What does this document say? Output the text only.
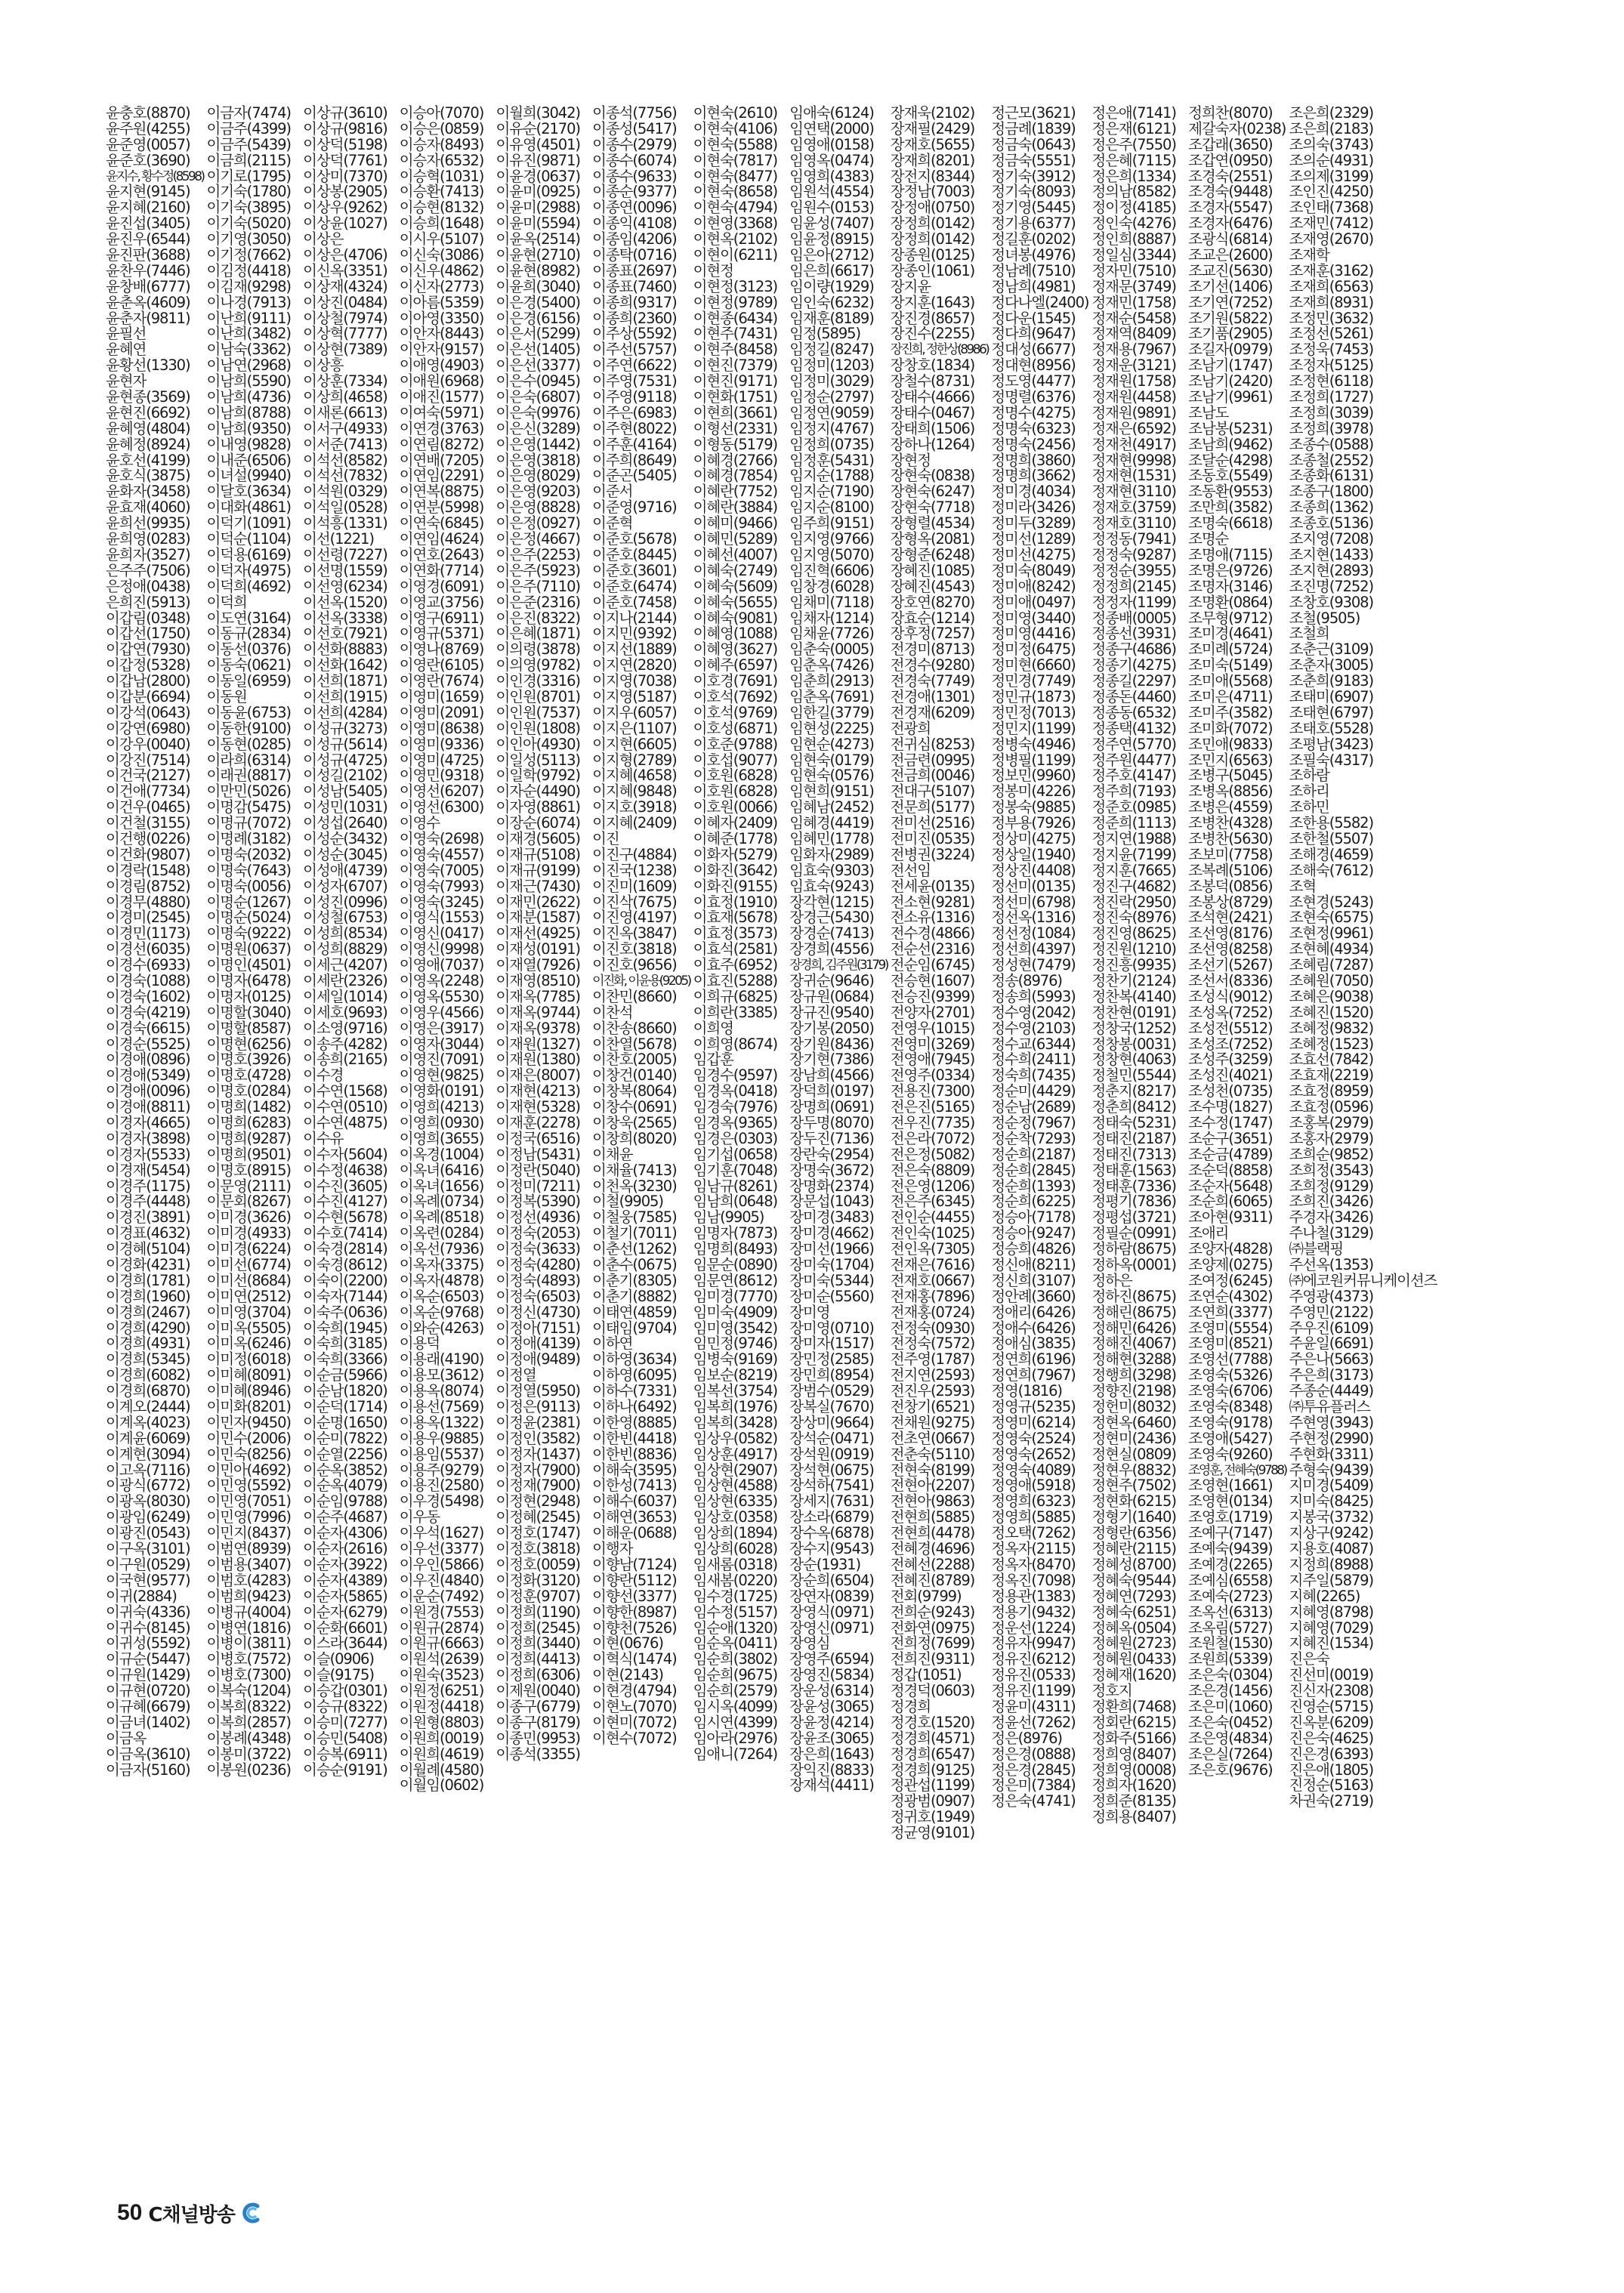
윤충호(8870)
윤주원(4255)
윤준영(0057)
윤준호(3690)
윤지수, 황수정(8598)
윤지현(9145)
윤지혜(2160)
윤진섭(3405)
윤진우(6544)
윤진판(3688)
윤찬우(7446)
윤창배(6777)
윤춘옥(4609)
윤춘자(9811)
윤필선
윤혜연
윤황선(1330)
윤현자
윤현종(3569)
윤현진(6692)
윤혜영(4804)
윤혜정(8924)
윤호선(4199)
윤호식(3875)
윤화자(3458)
윤효재(4060)
윤희선(9935)
윤희영(0283)
윤희자(3527)
은주주(7506)
은정애(0438)
은희진(5913)
이갑림(0348)
이갑선(1750)
이갑연(7930)
이갑정(5328)
이갑남(2800)
이갑분(6694)
이강석(0643)
이강연(6980)
이강우(0040)
이강진(7514)
이건국(2127)
이건애(7734)
이건우(0465)
이건철(3155)
이건행(0226)
이건화(9807)
이경락(1548)
이경림(8752)
이경무(4880)
이경미(2545)
이경민(1173)
이경선(6035)
이경수(6933)
이경숙(1088)
이경숙(1602)
이경숙(4219)
이경숙(6615)
이경순(5525)
이경애(0896)
이경애(5349)
이경애(0096)
이경애(8811)
이경자(4665)
이경자(3898)
이경자(5533)
이경재(5454)
이경주(1175)
이경주(4448)
이경진(3891)
이경표(4632)
이경혜(5104)
이경화(4231)
이경희(1781)
이경희(1960)
이경희(2467)
이경희(4290)
이경희(4931)
이경희(5345)
이경희(6082)
이경희(6870)
이계오(2444)
이계옥(4023)
이계윤(6069)
이계현(3094)
이고옥(7116)
이광식(6772)
이광옥(8030)
이광임(6249)
이광진(0543)
이구옥(3101)
이구원(0529)
이국현(9577)
이귀(2884)
이귀숙(4336)
이귀수(8145)
이귀성(5592)
이규순(5447)
이규원(1429)
이규현(0720)
이규혜(6679)
이금녀(1402)
이금옥
이금옥(3610)
이금자(5160)
이금자(7474)
이금주(4399)
이금주(5439)
이금희(2115)
이기로(1795)
이기숙(1780)
이기숙(3895)
이기숙(5020)
이기영(3050)
이기정(7662)
이김정(4418)
이김재(9298)
이나경(7913)
이난희(9111)
이난희(3482)
이남숙(3362)
이남연(2968)
이남희(5590)
이남희(4736)
이남희(8788)
이남희(9350)
이내영(9828)
이내준(6506)
이녀설(9940)
이달호(3634)
이대화(4861)
이덕기(1091)
이덕순(1104)
이덕용(6169)
이덕자(4975)
이덕희(4692)
이덕희
이도연(3164)
이동규(2834)
이동선(0376)
이동숙(0621)
이동일(6959)
이동원
이동윤(6753)
이동한(9100)
이동현(0285)
이라희(6314)
이래권(8817)
이만민(5026)
이명감(5475)
이명규(7072)
이명례(3182)
이명숙(2032)
이명숙(7643)
이명숙(0056)
이명순(1267)
이명순(5024)
이명숙(9222)
이명원(0637)
이명인(4501)
이명자(6478)
이명자(0125)
이명할(3040)
이명할(8587)
이명현(6256)
이명호(3926)
이명호(4728)
이명호(0284)
이명희(1482)
이명희(6283)
이명희(9287)
이명희(9501)
이명호(8915)
이문영(2111)
이문회(8267)
이미경(3626)
이미경(4933)
이미경(6224)
이미선(6774)
이미선(8684)
이미연(2512)
이미영(3704)
이미옥(5505)
이미옥(6246)
이미정(6018)
이미혜(8091)
이미혜(8946)
이미화(8201)
이민자(9450)
이민수(2006)
이민숙(8256)
이민아(4692)
이민영(5592)
이민영(7051)
이민영(7996)
이민지(8437)
이범연(8939)
이범용(3407)
이범호(4283)
이범희(9423)
이병규(4004)
이병연(1816)
이병이(3811)
이병호(7572)
이병호(7300)
이복숙(1204)
이복희(8322)
이복희(2857)
이봉례(4348)
이봉미(3722)
이봉원(0236)
이상규(3610)
이상규(9816)
이상덕(5198)
이상덕(7761)
이상미(7370)
이상봉(2905)
이상우(9262)
이상윤(1027)
이상은
이상은(4706)
이신옥(3351)
이상재(4324)
이상진(0484)
이상철(7974)
이상혁(7777)
이상현(7389)
이상흥
이상훈(7334)
이상희(4658)
이새론(6613)
이서구(4933)
이서준(7413)
이석선(8582)
이석선(7832)
이석원(0329)
이석일(0528)
이석흥(1331)
이선(1221)
이선령(7227)
이선명(1559)
이선영(6234)
이선옥(1520)
이선옥(3338)
이선호(7921)
이선화(8883)
이선화(1642)
이선희(1871)
이선희(1915)
이선희(4284)
이성규(3273)
이성규(5614)
이성규(4725)
이성길(2102)
이성남(5405)
이성민(1031)
이성섭(2640)
이성순(3432)
이성순(3045)
이성애(4739)
이성자(6707)
이성진(0996)
이성철(6753)
이성희(8534)
이성희(8829)
이세근(4207)
이세란(2326)
이세일(1014)
이세호(9693)
이소영(9716)
이송주(4282)
이송희(2165)
이수경
이수연(1568)
이수연(0510)
이수연(4875)
이수유
이수자(5604)
이수정(4638)
이수진(3605)
이수진(4127)
이수현(5678)
이수호(7414)
이숙경(2814)
이숙경(8612)
이숙이(2200)
이숙자(7144)
이숙주(0636)
이숙희(1945)
이숙희(3185)
이숙희(3366)
이순금(5966)
이순남(1820)
이순덕(1714)
이순명(1650)
이순미(7822)
이순열(2256)
이순옥(3852)
이순옥(4079)
이순임(9788)
이순주(4687)
이순자(4306)
이순자(2616)
이순자(3922)
이순자(4389)
이순자(5865)
이순자(6279)
이순화(6601)
이스라(3644)
이슬(0906)
이슬(9175)
이승갑(0301)
이승규(8322)
이승미(7277)
이승민(5408)
이승복(6911)
이승순(9191)
이승아(7070)
이승은(0859)
이승자(8493)
이승자(6532)
이승혁(1031)
이승환(7413)
이승현(8132)
이승희(1648)
이시우(5107)
이신숙(3086)
이신우(4862)
이신자(2773)
이아름(5359)
이아영(3350)
이안자(8443)
이안자(9157)
이애영(4903)
이애원(6968)
이애진(1577)
이여숙(5971)
이연경(3763)
이연림(8272)
이연배(7205)
이연임(2291)
이연복(8875)
이연분(5998)
이연숙(6845)
이연임(4624)
이연호(2643)
이연화(7714)
이영경(6091)
이영교(3756)
이영구(6911)
이영규(5371)
이영나(8769)
이영란(6105)
이영란(7674)
이영미(1659)
이영미(2091)
이영미(8638)
이영미(9336)
이영미(4725)
이영민(9318)
이영선(6207)
이영선(6300)
이영수
이영숙(2698)
이영숙(4557)
이영숙(7005)
이영숙(7993)
이영숙(3245)
이영식(1553)
이영신(0417)
이영신(9998)
이영애(7037)
이영옥(2248)
이영옥(5530)
이영우(4566)
이영은(3917)
이영자(3044)
이영진(7091)
이영현(9825)
이영화(0191)
이영희(4213)
이영희(0930)
이영희(3655)
이옥경(1004)
이옥녀(6416)
이옥녀(1656)
이옥례(0734)
이옥례(8518)
이옥련(0284)
이옥선(7936)
이옥자(3375)
이옥자(4878)
이옥순(6503)
이옥순(9768)
이와순(4263)
이용덕
이용래(4190)
이용모(3612)
이용옥(8074)
이용선(7569)
이용옥(1322)
이용우(9885)
이용임(5537)
이용주(9279)
이용진(2580)
이우경(5498)
이우동
이우석(1627)
이우선(3377)
이우인(5866)
이우진(4840)
이운순(7492)
이원경(7553)
이원규(2874)
이원규(6663)
이원석(2639)
이원숙(3523)
이원정(6251)
이원정(4418)
이원형(8803)
이원희(0019)
이원희(4619)
이월례(4580)
이월임(0602)
이월희(3042)
이유순(2170)
이유영(4501)
이유진(9871)
이윤경(0637)
이윤미(0925)
이윤미(2988)
이윤미(5594)
이윤옥(2514)
이윤현(2710)
이윤현(8982)
이윤희(3040)
이은경(5400)
이은경(6156)
이은서(5299)
이은선(1405)
이은선(3377)
이은수(0945)
이은숙(6807)
이은숙(9976)
이은신(3289)
이은영(1442)
이은영(3818)
이은영(8029)
이은영(9203)
이은영(8828)
이은정(0927)
이은정(4667)
이은주(2253)
이은주(5923)
이은주(7110)
이은준(2316)
이은진(8322)
이은혜(1871)
이의령(3878)
이의영(9782)
이인경(3316)
이인원(8701)
이인원(7537)
이인원(1808)
이인아(4930)
이일성(5113)
이일학(9792)
이자순(4490)
이자영(8861)
이장순(6074)
이재경(5605)
이재규(5108)
이재규(9199)
이재근(7430)
이재민(2622)
이재분(1587)
이재선(4925)
이재성(0191)
이재열(7926)
이재영(8510)
이재옥(7785)
이재옥(9744)
이재옥(9378)
이재원(1327)
이재원(1380)
이재은(8007)
이재현(4213)
이재현(5328)
이재훈(2278)
이정국(6516)
이정남(5431)
이정란(5040)
이정미(7211)
이정복(5390)
이정선(4936)
이정숙(2053)
이정숙(3633)
이정숙(4280)
이정숙(4893)
이정숙(6503)
이정신(4730)
이정아(7151)
이정애(4139)
이정애(9489)
이정열
이정열(5950)
이정은(9113)
이정윤(2381)
이정인(3582)
이정자(1437)
이정자(7900)
이정재(7900)
이정현(2948)
이정혜(2545)
이정호(1747)
이정호(3818)
이정호(0059)
이정화(3120)
이정훈(9707)
이정희(1190)
이정희(2545)
이정희(3440)
이정희(4413)
이정희(6306)
이제원(0040)
이종구(6779)
이종구(8179)
이종민(9953)
이종석(3355)
이종석(7756)
이종성(5417)
이종수(2979)
이종수(6074)
이종수(9633)
이종순(9377)
이종연(0096)
이종익(4108)
이종임(4206)
이종탁(0716)
이종표(2697)
이종표(7460)
이종희(9317)
이종희(2360)
이주상(5592)
이주선(5757)
이주연(6622)
이주영(7531)
이주영(9118)
이주은(6983)
이주현(8022)
이주훈(4164)
이주희(8649)
이준곤(5405)
이준서
이준영(9716)
이준혁
이준호(5678)
이준호(8445)
이준호(3601)
이준호(6474)
이준호(7458)
이지나(2144)
이지민(9392)
이지선(1889)
이지연(2820)
이지영(7038)
이지영(5187)
이지우(6057)
이지은(1107)
이지현(6605)
이지형(2789)
이지혜(4658)
이지혜(9848)
이지호(3918)
이지혜(2409)
이진
이진구(4884)
이진국(1238)
이진미(1609)
이진삭(7675)
이진영(4197)
이진옥(3847)
이진호(3818)
이진호(9656)
이진화, 이윤용(9205)
이찬민(8660)
이찬석
이찬송(8660)
이찬열(5678)
이찬호(2005)
이창건(0140)
이창복(8064)
이창수(0691)
이창욱(2565)
이창희(8020)
이채윤
이채율(7413)
이천옥(3230)
이철(9905)
이철웅(7585)
이철기(7011)
이춘선(1262)
이춘수(0675)
이춘기(8305)
이춘기(8882)
이태연(4859)
이태임(9704)
이하연
이하영(3634)
이하영(6095)
이하수(7331)
이하나(6492)
이한영(8885)
이한빈(4418)
이한빈(8836)
이해숙(3595)
이한성(7413)
이해수(6037)
이해연(3653)
이해운(0688)
이행자
이향남(7124)
이향란(5112)
이향선(3377)
이향한(8987)
이향천(7526)
이현(0676)
이혁식(1474)
이현(2143)
이현경(4794)
이현노(7070)
이현미(7072)
이현수(7072)
이현숙(2610)
이현숙(4106)
이현숙(5588)
이현숙(7817)
이현숙(8477)
이현숙(8658)
이현숙(4794)
이현영(3368)
이현옥(2102)
이현이(6211)
이현정
이현정(3123)
이현정(9789)
이현종(6434)
이현주(7431)
이현주(8458)
이현진(7379)
이현진(9171)
이현화(1751)
이현희(3661)
이형선(2331)
이형동(5179)
이혜경(2766)
이혜경(7854)
이혜란(7752)
이혜란(3884)
이혜미(9466)
이혜민(5289)
이혜선(4007)
이혜숙(2749)
이혜숙(5609)
이혜숙(5655)
이혜숙(9081)
이혜영(1088)
이혜영(3627)
이혜주(6597)
이호경(7691)
이호석(7692)
이호석(9769)
이호성(6871)
이호준(9788)
이호섭(9077)
이호원(6828)
이호원(6828)
이호원(0066)
이혜자(2409)
이혜준(1778)
이화자(5279)
이화진(3642)
이화진(9155)
이효정(1910)
이효재(5678)
이효정(3573)
이효석(2581)
이효주(6952)
이효진(5288)
이희규(6825)
이희란(3385)
이희영
이희영(8674)
임갑훈
임경수(9597)
임경옥(0418)
임경숙(7976)
임경옥(9365)
임경은(0303)
임기섭(0658)
임기훈(7048)
임남규(8261)
임남희(0648)
임남(9905)
임명자(7873)
임명희(8493)
임문순(0890)
임문연(8612)
임미경(7770)
임미숙(4909)
임미영(3542)
임민정(9746)
임병숙(9169)
임보순(8219)
임복선(3754)
임복희(1976)
임복희(3428)
임상우(0582)
임상훈(4917)
임상현(2907)
임상현(4588)
임상현(6335)
임상호(0358)
임상희(1894)
임상희(6028)
임새롬(0318)
임새봄(0220)
임수경(1725)
임수정(5157)
임순애(1320)
임순옥(0411)
임순희(3802)
임순희(9675)
임순희(2579)
임시옥(4099)
임시연(4399)
임아라(2976)
임애니(7264)
임애숙(6124)
임연택(2000)
임영애(0158)
임영옥(0474)
임영희(4383)
임원석(4554)
임원수(0153)
임윤성(7407)
임윤정(8915)
임은아(2712)
임은희(6617)
임이량(1929)
임인숙(6232)
임재훈(8189)
임정(5895)
임정길(8247)
임정미(1203)
임정미(3029)
임정순(2797)
임정연(9059)
임정지(4767)
임정희(0735)
임정훈(5431)
임지순(1788)
임지순(7190)
임지순(8100)
임주희(9151)
임지영(9766)
임지영(5070)
임진혁(6606)
임창경(6028)
임채미(7118)
임채자(1214)
임채윤(7726)
임춘숙(0005)
임춘옥(7426)
임춘희(2913)
임춘옥(7691)
임한길(3779)
임현성(2225)
임현순(4273)
임현숙(0179)
임현숙(0576)
임현희(9151)
임혜남(2452)
임혜경(4419)
임혜민(1778)
임화자(2989)
임효숙(9303)
임효숙(9243)
장각현(1215)
장경근(5430)
장경순(7413)
장경희(4556)
장경희, 김주원(3179)
장귀순(9646)
장규원(0684)
장규진(9540)
장기봉(2050)
장기원(8436)
장기현(7386)
장남희(4566)
장덕희(0197)
장명희(0691)
장두명(8070)
장두진(7136)
장란숙(2954)
장명숙(3672)
장명화(2374)
장문섭(1043)
장미경(3483)
장미경(4662)
장미선(1966)
장미숙(1704)
장미숙(5344)
장미순(5560)
장미영
장미영(0710)
장미자(1517)
장민정(2585)
장민희(8954)
장범수(0529)
장복실(7670)
장상미(9664)
장석순(0471)
장석원(0919)
장석현(0675)
장석하(7541)
장세지(7631)
장소라(6879)
장수옥(6878)
장수지(9543)
장순(1931)
장순희(6504)
장연자(0839)
장영식(0971)
장영신(0971)
장영심
장영주(6594)
장영진(5834)
장운성(6314)
장윤성(3065)
장윤정(4214)
장윤조(3065)
장은희(1643)
장익진(8833)
장재석(4411)
장재욱(2102)
장재필(2429)
장재호(5655)
장재희(8201)
장전지(8344)
장정남(7003)
장정애(0750)
장정희(0142)
장정희(0142)
장종원(0125)
장종인(1061)
장지윤
장지훈(1643)
장진경(8657)
장진수(2255)
장진희, 정한상(8986)
장창호(1834)
장철수(8731)
장태수(4666)
장태수(0467)
장태희(1506)
장하나(1264)
장현정
장현숙(0838)
장현숙(6247)
장현숙(7718)
장형렬(4534)
장형옥(2081)
장형준(6248)
장혜진(1085)
장혜진(4543)
장호연(8270)
장효순(1214)
장후정(7257)
전경미(8713)
전경수(9280)
전경숙(7749)
전경애(1301)
전경재(6209)
전광희
전귀심(8253)
전금련(0995)
전금희(0046)
전대구(5107)
전문희(5177)
전미선(2516)
전미진(0535)
전병권(3224)
전선임
전세윤(0135)
전소현(9281)
전소유(1316)
전수경(4866)
전순선(2316)
전순임(6745)
전승현(1607)
전승진(9399)
전양자(2701)
전영우(1015)
전영미(3269)
전영애(7945)
전영주(0334)
전용진(7300)
전은진(5165)
전우진(7735)
전은라(7072)
전은정(5082)
전은숙(8809)
전은영(1206)
전은주(6345)
전인순(4455)
전인숙(1025)
전인옥(7305)
전재은(7616)
전재호(0667)
전재홍(7896)
전재홍(0724)
전정숙(0930)
전정숙(7572)
전주영(1787)
전지연(2593)
전진우(2593)
전창기(6521)
전채원(9275)
전초연(0667)
전춘숙(5110)
전현숙(8199)
전현아(2207)
전현아(9863)
전현희(5885)
전현희(4478)
전혜경(4696)
전혜선(2288)
전혜진(8789)
전회(9799)
전희순(9243)
전화연(0975)
전희정(7699)
전희진(9311)
정갑(1051)
정경덕(0603)
정경희
정경호(1520)
정경희(4571)
정경희(6547)
정경희(9125)
정관섭(1199)
정광범(0907)
정귀호(1949)
정균영(9101)
정근모(3621)
정금례(1839)
정금숙(0643)
정금숙(5551)
정기숙(3912)
정기숙(8093)
정기영(5445)
정기용(6377)
정길훈(0202)
정녀봉(4976)
정남례(7510)
정남희(4981)
정다나엘(2400)
정다운(1545)
정다희(9647)
정대성(6677)
정대현(8956)
정도영(4477)
정명렬(6376)
정명수(4275)
정명숙(6323)
정명숙(2456)
정명희(3860)
정명희(3662)
정미경(4034)
정미라(3426)
정미두(3289)
정미선(1289)
정미선(4275)
정미숙(8049)
정미애(8242)
정미애(0497)
정미영(3440)
정미영(4416)
정미정(6475)
정미현(6660)
정민경(7749)
정민규(1873)
정민정(7013)
정민지(1199)
정병숙(4946)
정병필(1199)
정보민(9960)
정봉미(4226)
정봉숙(9885)
정부용(7926)
정상미(4275)
정상일(1940)
정상진(4408)
정선미(0135)
정선미(6798)
정선옥(1316)
정선정(1084)
정선희(4397)
정성현(7479)
정송(8976)
정송희(5993)
정수영(2042)
정수영(2103)
정수교(6344)
정수희(2411)
정숙희(7435)
정순미(4429)
정순남(2689)
정순정(7967)
정순착(7293)
정순희(2187)
정순희(2845)
정순희(1393)
정순희(6225)
정승아(7178)
정승아(9247)
정승희(4826)
정신애(8211)
정신희(3107)
정안례(3660)
정애리(6426)
정애수(6426)
정애심(3835)
정연희(6196)
정연희(7967)
정영(1816)
정영규(5235)
정영미(6214)
정영숙(2524)
정영숙(2652)
정영숙(4089)
정영애(5918)
정영희(6323)
정영희(5885)
정오택(7262)
정옥자(2115)
정옥자(8470)
정옥진(7098)
정용관(1383)
정용기(9432)
정운선(1224)
정유자(9947)
정유진(6212)
정유진(0533)
정유진(1199)
정윤미(4311)
정윤선(7262)
정은(8976)
정은경(0888)
정은경(2845)
정은미(7384)
정은숙(4741)
정은애(7141)
정은재(6121)
정은주(7550)
정은혜(7115)
정은희(1334)
정의남(8582)
정이정(4185)
정인숙(4276)
정인희(8887)
정일심(3344)
정자민(7510)
정재문(3749)
정재민(1758)
정재순(5458)
정재역(8409)
정재용(7967)
정재운(3121)
정재원(1758)
정재원(4458)
정재원(9891)
정재은(6592)
정재천(4917)
정재현(9998)
정재현(1531)
정재현(3110)
정재호(3759)
정재호(3110)
정정동(7941)
정정숙(9287)
정정순(3955)
정정희(2145)
정정자(1199)
정종배(0005)
정종선(3931)
정종구(4686)
정종기(4275)
정종길(2297)
정종돈(4460)
정종동(6532)
정종택(4132)
정주연(5770)
정주원(4477)
정주호(4147)
정주희(7193)
정준호(0985)
정준희(1113)
정지연(1988)
정지윤(7199)
정지훈(7665)
정진구(4682)
정진락(2950)
정진숙(8976)
정진영(8625)
정진원(1210)
정진흥(9935)
정찬기(2124)
정찬복(4140)
정찬현(0191)
정창국(1252)
정창봉(0031)
정창현(4063)
정철민(5544)
정춘지(8217)
정춘희(8412)
정태숙(5231)
정태진(2187)
정태진(7313)
정태훈(1563)
정태훈(7336)
정평기(7836)
정평섭(3721)
정필순(0991)
정하람(8675)
정하옥(0001)
정하은
정하진(8675)
정해린(8675)
정해민(6426)
정해진(4067)
정해현(3288)
정행희(3298)
정향진(2198)
정헌미(8032)
정현옥(6460)
정현미(2436)
정현실(0809)
정현우(8832)
정현주(7502)
정현화(6215)
정형기(1640)
정형란(6356)
정혜란(2115)
정혜성(8700)
정혜숙(9544)
정혜연(7293)
정혜숙(6251)
정혜옥(0504)
정혜원(2723)
정혜원(0433)
정혜재(1620)
정호지
정환희(7468)
정회란(6215)
정화주(5166)
정희영(8407)
정희영(0008)
정희자(1620)
정희준(8135)
정희용(8407)
정희찬(8070)
제갈숙자(0238)
조갑래(3650)
조갑연(0950)
조경숙(2551)
조경숙(9448)
조경자(5547)
조경자(6476)
조광식(6814)
조교은(2600)
조교진(5630)
조기선(1406)
조기연(7252)
조기원(5822)
조기품(2905)
조길자(0979)
조남기(1747)
조남기(2420)
조남기(9961)
조남도
조남봉(5231)
조남희(9462)
조달순(4298)
조동호(5549)
조동환(9553)
조만희(3582)
조명숙(6618)
조명순
조명애(7115)
조명은(9726)
조명자(3146)
조명환(0864)
조무형(9712)
조미경(4641)
조미례(5724)
조미숙(5149)
조미애(5568)
조미은(4711)
조미주(3582)
조미화(7072)
조민애(9833)
조민지(6563)
조병구(5045)
조병옥(8856)
조병은(4559)
조병찬(4328)
조병찬(5630)
조보미(7758)
조복례(5106)
조봉덕(0856)
조봉상(8729)
조석현(2421)
조선영(8176)
조선영(8258)
조선기(5267)
조선서(8336)
조성식(9012)
조성옥(7252)
조성전(5512)
조성조(7252)
조성주(3259)
조성진(4021)
조성천(0735)
조수명(1827)
조수정(1747)
조순구(3651)
조순금(4789)
조순덕(8858)
조순자(5648)
조순희(6065)
조아현(9311)
조애리
조양자(4828)
조양제(0275)
조여정(6245)
조연순(4302)
조연희(3377)
조영미(5554)
조영미(8521)
조영선(7788)
조영숙(5326)
조영숙(6706)
조영숙(8348)
조영숙(9178)
조영애(5427)
조영숙(9260)
조영훈, 전혜숙(9788)
조영현(1661)
조영현(0134)
조영호(1719)
조예구(7147)
조예숙(9439)
조예경(2265)
조예심(6558)
조예숙(2723)
조옥선(6313)
조옥림(5727)
조원철(1530)
조원희(5339)
조은숙(0304)
조은경(1456)
조은미(1060)
조은숙(0452)
조은영(4834)
조은실(7264)
조은호(9676)
조은희(2329)
조은희(2183)
조의숙(3743)
조의순(4931)
조의제(3199)
조인진(4250)
조인태(7368)
조재민(7412)
조재영(2670)
조재학
조재훈(3162)
조재희(6563)
조재희(8931)
조정민(3632)
조정선(5261)
조정욱(7453)
조정자(5125)
조정현(6118)
조정희(1727)
조정희(3039)
조정희(3978)
조종수(0588)
조종철(2552)
조종화(6131)
조종구(1800)
조종희(1362)
조종호(5136)
조지영(7208)
조지현(1433)
조지현(2893)
조진명(7252)
조창호(9308)
조철(9505)
조철희
조춘근(3109)
조춘자(3005)
조춘희(9183)
조태미(6907)
조태현(6797)
조태호(5528)
조평남(3423)
조필숙(4317)
조하람
조하리
조하민
조한용(5582)
조한철(5507)
조해경(4659)
조해숙(7612)
조혁
조현경(5243)
조현숙(6575)
조현정(9961)
조현혜(4934)
조혜림(7287)
조혜원(7050)
조혜은(9038)
조혜진(1520)
조혜정(9832)
조혜정(1523)
조효선(7842)
조효재(2219)
조효정(8959)
조효정(0596)
조홍복(2979)
조홍자(2979)
조희순(9852)
조희정(3543)
조희정(9129)
조희진(3426)
주경자(3426)
주나철(3129)
㈜블랙핑
주선옥(1353)
㈜에코원커뮤니케이션즈
주영광(4373)
주영민(2122)
주우진(6109)
주윤일(6691)
주은나(5663)
주은희(3173)
주종순(4449)
㈜투유플러스
주현영(3943)
주현정(2990)
주현화(3311)
주형숙(9439)
지미경(5409)
지미숙(8425)
지봉국(3732)
지상구(9242)
지용호(4087)
지정희(8988)
지주일(5879)
지혜(2265)
지혜영(8798)
지혜영(7029)
지혜진(1534)
진은숙
진선미(0019)
진신자(2308)
진영순(5715)
진옥분(6209)
진은숙(4625)
진은경(6393)
진은애(1805)
진정순(5163)
차권숙(2719)
50 C채널방송
